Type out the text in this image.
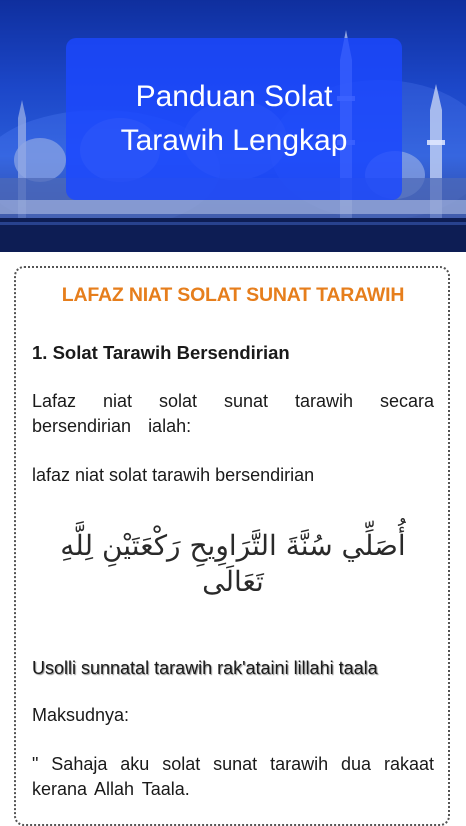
Panduan Solat Tarawih Lengkap
LAFAZ NIAT SOLAT SUNAT TARAWIH
1. Solat Tarawih Bersendirian

Lafaz niat solat sunat tarawih secara bersendirian ialah:

lafaz niat solat tarawih bersendirian

أُصَلِّي سُنَّةَ التَّرَاوِيحِ رَكْعَتَيْنِ لِلَّهِ تَعَالَى

Usolli sunnatal tarawih rak'ataini lillahi taala

Maksudnya:

" Sahaja aku solat sunat tarawih dua rakaat kerana Allah Taala.
